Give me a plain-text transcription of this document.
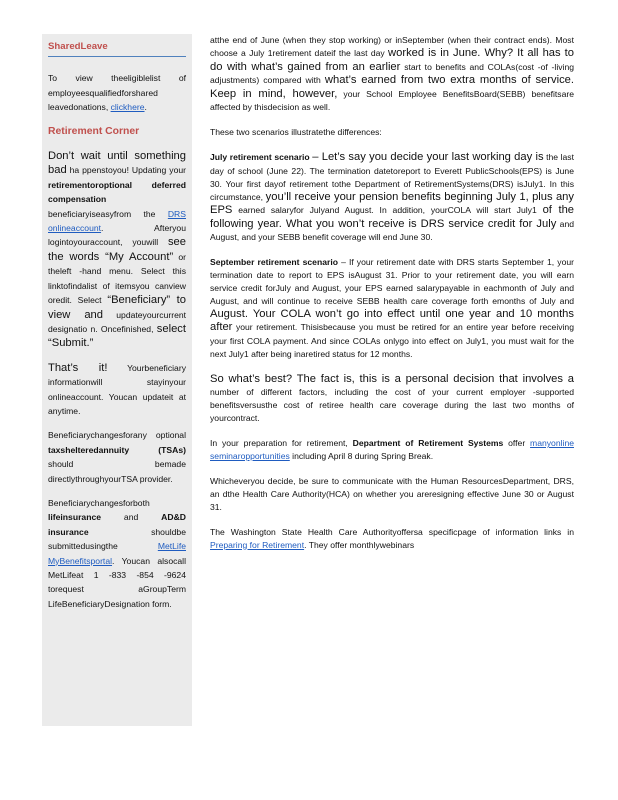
SharedLeave

To view theeligiblelist of employeesqualifiedforshared leavedonations, clickhere.

Retirement Corner

Don’t wait until something bad ha ppenstoyou! Updating your retirementoroptional deferred compensation beneficiaryiseasyfrom the DRS onlineaccount. Afteryou logintoyouraccount, youwill see the words “My Account” or theleft -hand menu. Select this linktofindalist of itemsyou canview oredit. Select “Beneficiary” to view and updateyourcurrent designatio n. Oncefinished, select “Submit.”

That’s it! Yourbeneficiary informationwill stayinyour onlineaccount. Youcan updateit at anytime.

Beneficiarychangesforany optional taxshelteredannuity (TSAs) should bemade directlythroughyourTSA provider.

Beneficiarychangesforboth lifeinsurance	and	AD&D insurance	shouldbe submittedusingthe	MetLife MyBenefitsportal. Youcan alsocall MetLifeat 1 -833 -854 -9624 torequest aGroupTerm LifeBeneficiaryDesignation form.

atthe end of June (when they stop working) or inSeptember (when their contract ends). Most choose a July 1retirement dateif the last day worked is in June. Why? It all has to do with what’s gained from an earlier start to benefits and COLAs(cost -of -living adjustments) compared with what’s earned from two extra months of service. Keep in mind, however, your School Employee BenefitsBoard(SEBB) benefitsare affected by thisdecision as well.

These two scenarios illustratethe differences:

July retirement scenario – Let’s say you decide your last working day is the last day of school (June 22). The termination datetoreport to Everett PublicSchools(EPS) is June 30. Your first dayof retirement tothe Department of RetirementSystems(DRS) isJuly1. In this circumstance, you’ll receive your pension benefits beginning July 1, plus any EPS earned salaryfor Julyand August. In addition, yourCOLA will start July1 of the following year. What you won’t receive is DRS service credit for July and August, and your SEBB benefit coverage will end June 30.

September retirement scenario – If your retirement date with DRS starts September 1, your termination date to report to EPS isAugust 31. Prior to your retirement date, you will earn service credit forJuly and August, your EPS earned salarypayable in eachmonth of July and August, and will continue to receive SEBB health care coverage forth emonths of July and August. Your COLA won’t go into effect until one year and 10 months after your retirement. Thisisbecause you must be retired for an entire year before receiving your first COLA payment. And since COLAs onlygo into effect on July1, you must wait for the next July1 after being inaretired status for 12 months.

So what’s best? The fact is, this is a personal decision that involves a number of different factors, including the cost of your current employer -supported benefitsversusthe cost of retiree health care coverage during the last two months of yourcontract.

In your preparation for retirement, Department of Retirement Systems offer manyonline seminaropportunities including April 8 during Spring Break.

Whicheveryou decide, be sure to communicate with the Human ResourcesDepartment, DRS, an dthe Health Care Authority(HCA) on whether you areresigning effective June 30 or August 31.

The Washington State Health Care Authorityoffersa specificpage of information links in Preparing for Retirement. They offer monthlywebinars
